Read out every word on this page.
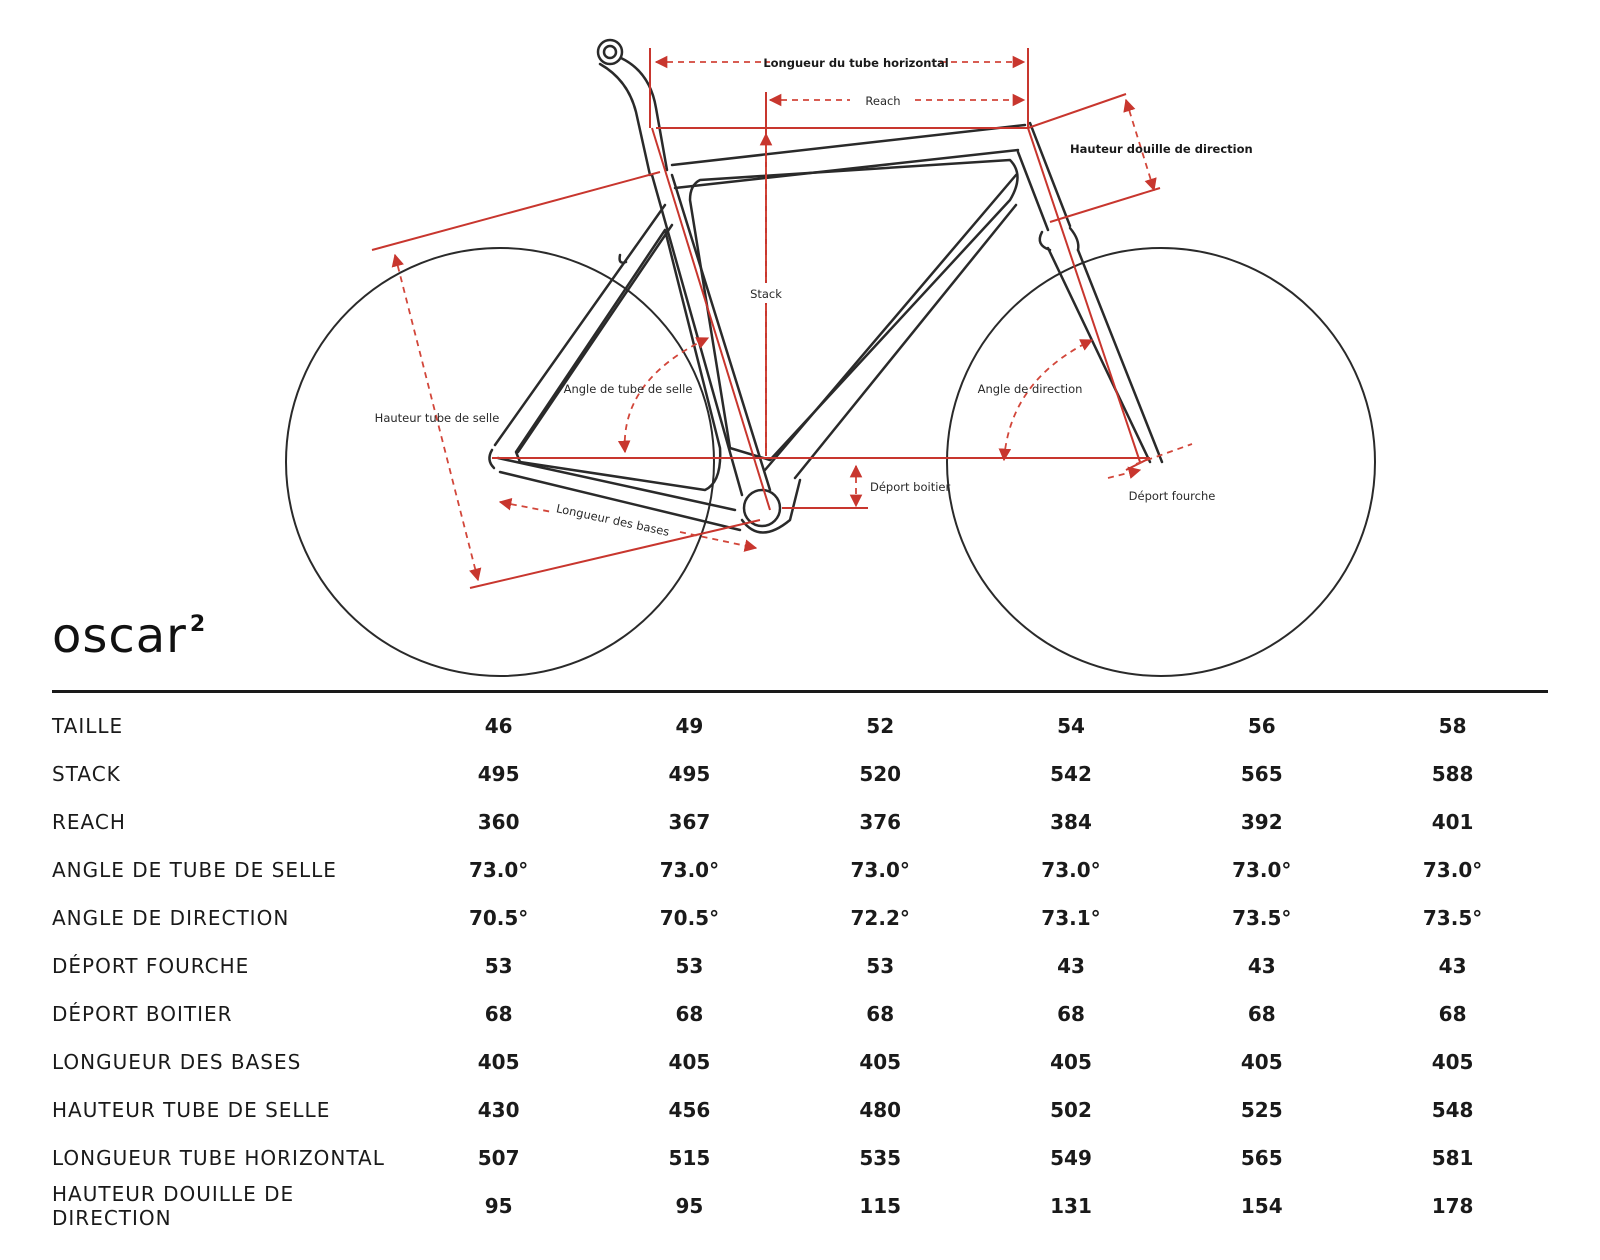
Longueur du tube horizontal
Reach
Hauteur douille de direction
Stack
Angle de tube de selle
Hauteur tube de selle
Angle de direction
Déport boitier
Déport fourche
Longueur des bases
oscar $^2$
TAILLE	46	49	52	54	56	58
STACK	495	495	520	542	565	588
REACH	360	367	376	384	392	401
ANGLE DE TUBE DE SELLE	73.0°	73.0°	73.0°	73.0°	73.0°	73.0°
ANGLE DE DIRECTION	70.5°	70.5°	72.2°	73.1°	73.5°	73.5°
DÉPORT FOURCHE	53	53	53	43	43	43
DÉPORT BOITIER	68	68	68	68	68	68
LONGUEUR DES BASES	405	405	405	405	405	405
HAUTEUR TUBE DE SELLE	430	456	480	502	525	548
LONGUEUR TUBE HORIZONTAL	507	515	535	549	565	581
HAUTEUR DOUILLE DE DIRECTION	95	95	115	131	154	178
